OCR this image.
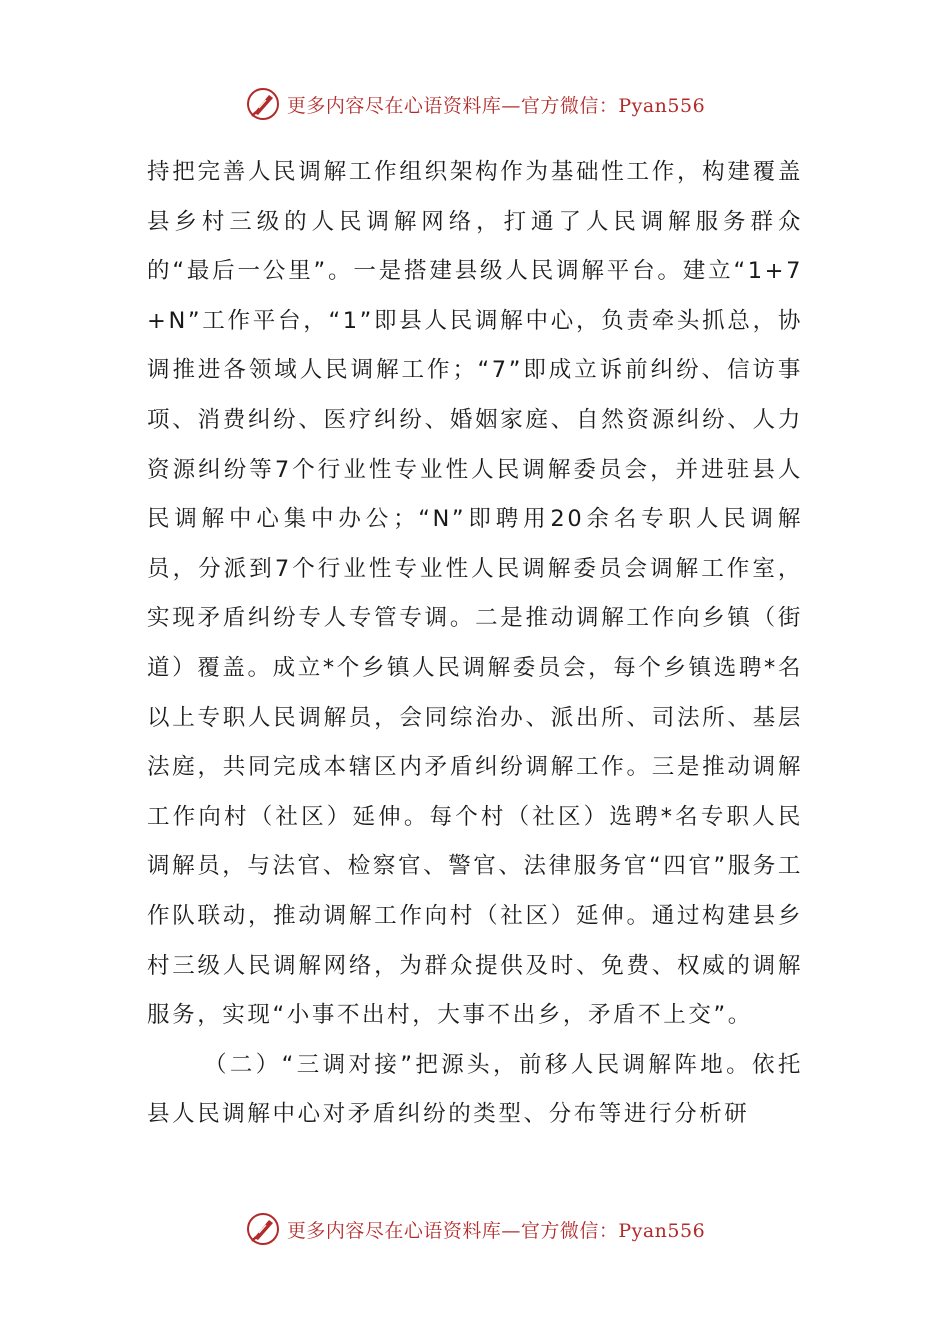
更多内容尽在心语资料库—官方微信：Pyan556

持把完善人民调解工作组织架构作为基础性工作，构建覆盖县乡村三级的人民调解网络，打通了人民调解服务群众的“最后一公里”。一是搭建县级人民调解平台。建立“1+7+N”工作平台，“1”即县人民调解中心，负责牵头抓总，协调推进各领域人民调解工作；“7”即成立诉前纠纷、信访事项、消费纠纷、医疗纠纷、婚姻家庭、自然资源纠纷、人力资源纠纷等7个行业性专业性人民调解委员会，并进驻县人民调解中心集中办公；“N”即聘用20余名专职人民调解员，分派到7个行业性专业性人民调解委员会调解工作室，实现矛盾纠纷专人专管专调。二是推动调解工作向乡镇（街道）覆盖。成立*个乡镇人民调解委员会，每个乡镇选聘*名以上专职人民调解员，会同综治办、派出所、司法所、基层法庭，共同完成本辖区内矛盾纠纷调解工作。三是推动调解工作向村（社区）延伸。每个村（社区）选聘*名专职人民调解员，与法官、检察官、警官、法律服务官“四官”服务工作队联动，推动调解工作向村（社区）延伸。通过构建县乡村三级人民调解网络，为群众提供及时、免费、权威的调解服务，实现“小事不出村，大事不出乡，矛盾不上交”。

（二）“三调对接”把源头，前移人民调解阵地。依托县人民调解中心对矛盾纠纷的类型、分布等进行分析研

更多内容尽在心语资料库—官方微信：Pyan556
